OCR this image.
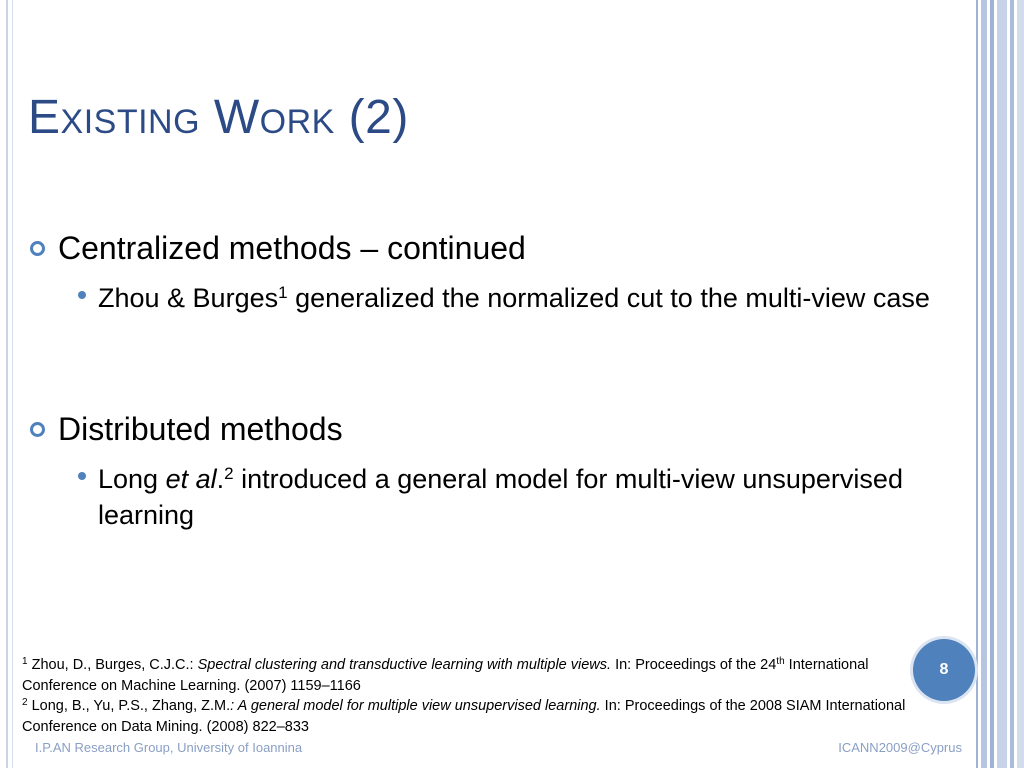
Existing Work (2)
Centralized methods – continued
Zhou & Burges$^1$ generalized the normalized cut to the multi-view case
Distributed methods
Long et al.$^2$ introduced a general model for multi-view unsupervised learning
$^1$ Zhou, D., Burges, C.J.C.: Spectral clustering and transductive learning with multiple views. In: Proceedings of the 24th International Conference on Machine Learning. (2007) 1159–1166
$^2$ Long, B., Yu, P.S., Zhang, Z.M.: A general model for multiple view unsupervised learning. In: Proceedings of the 2008 SIAM International Conference on Data Mining. (2008) 822–833
8
I.P.AN Research Group, University of Ioannina	ICANN2009@Cyprus
